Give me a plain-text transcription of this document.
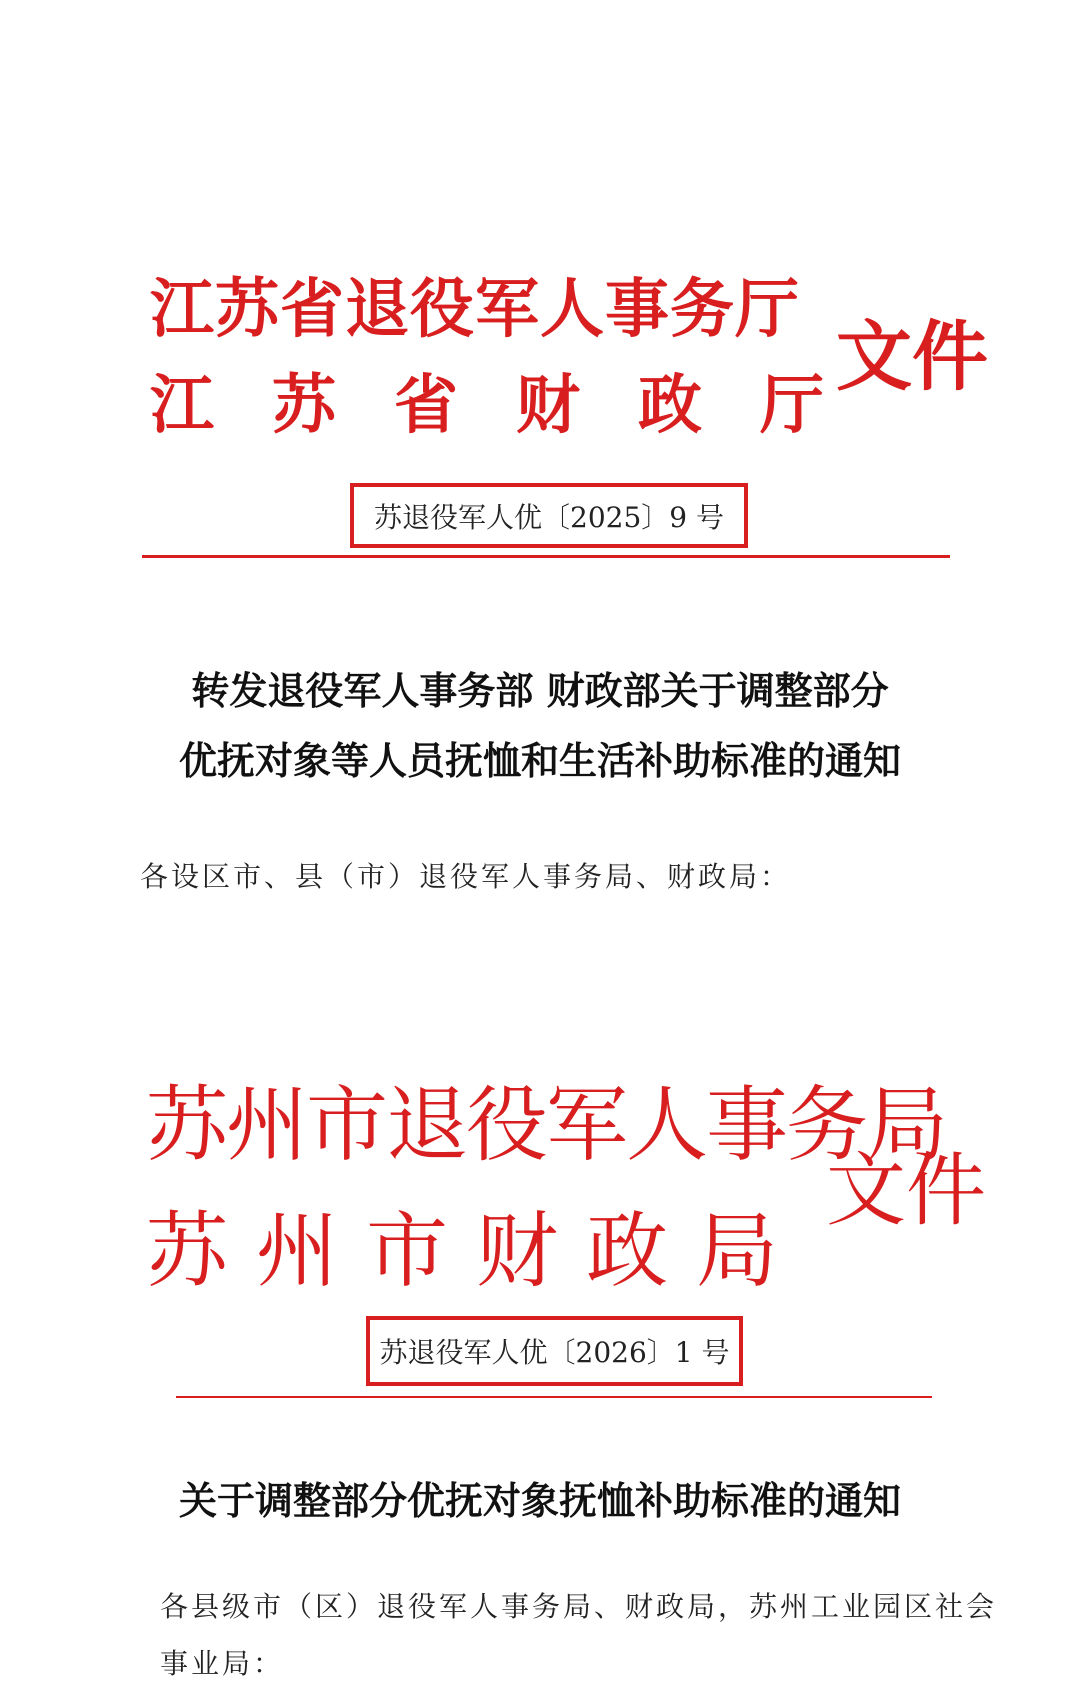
江苏省退役军人事务厅
江苏省财政厅
文件
苏退役军人优〔2025〕9 号
转发退役军人事务部 财政部关于调整部分
优抚对象等人员抚恤和生活补助标准的通知
各设区市、县（市）退役军人事务局、财政局：
苏州市退役军人事务局
苏州市财政局
文件
苏退役军人优〔2026〕1 号
关于调整部分优抚对象抚恤补助标准的通知
各县级市（区）退役军人事务局、财政局，苏州工业园区社会
事业局：
